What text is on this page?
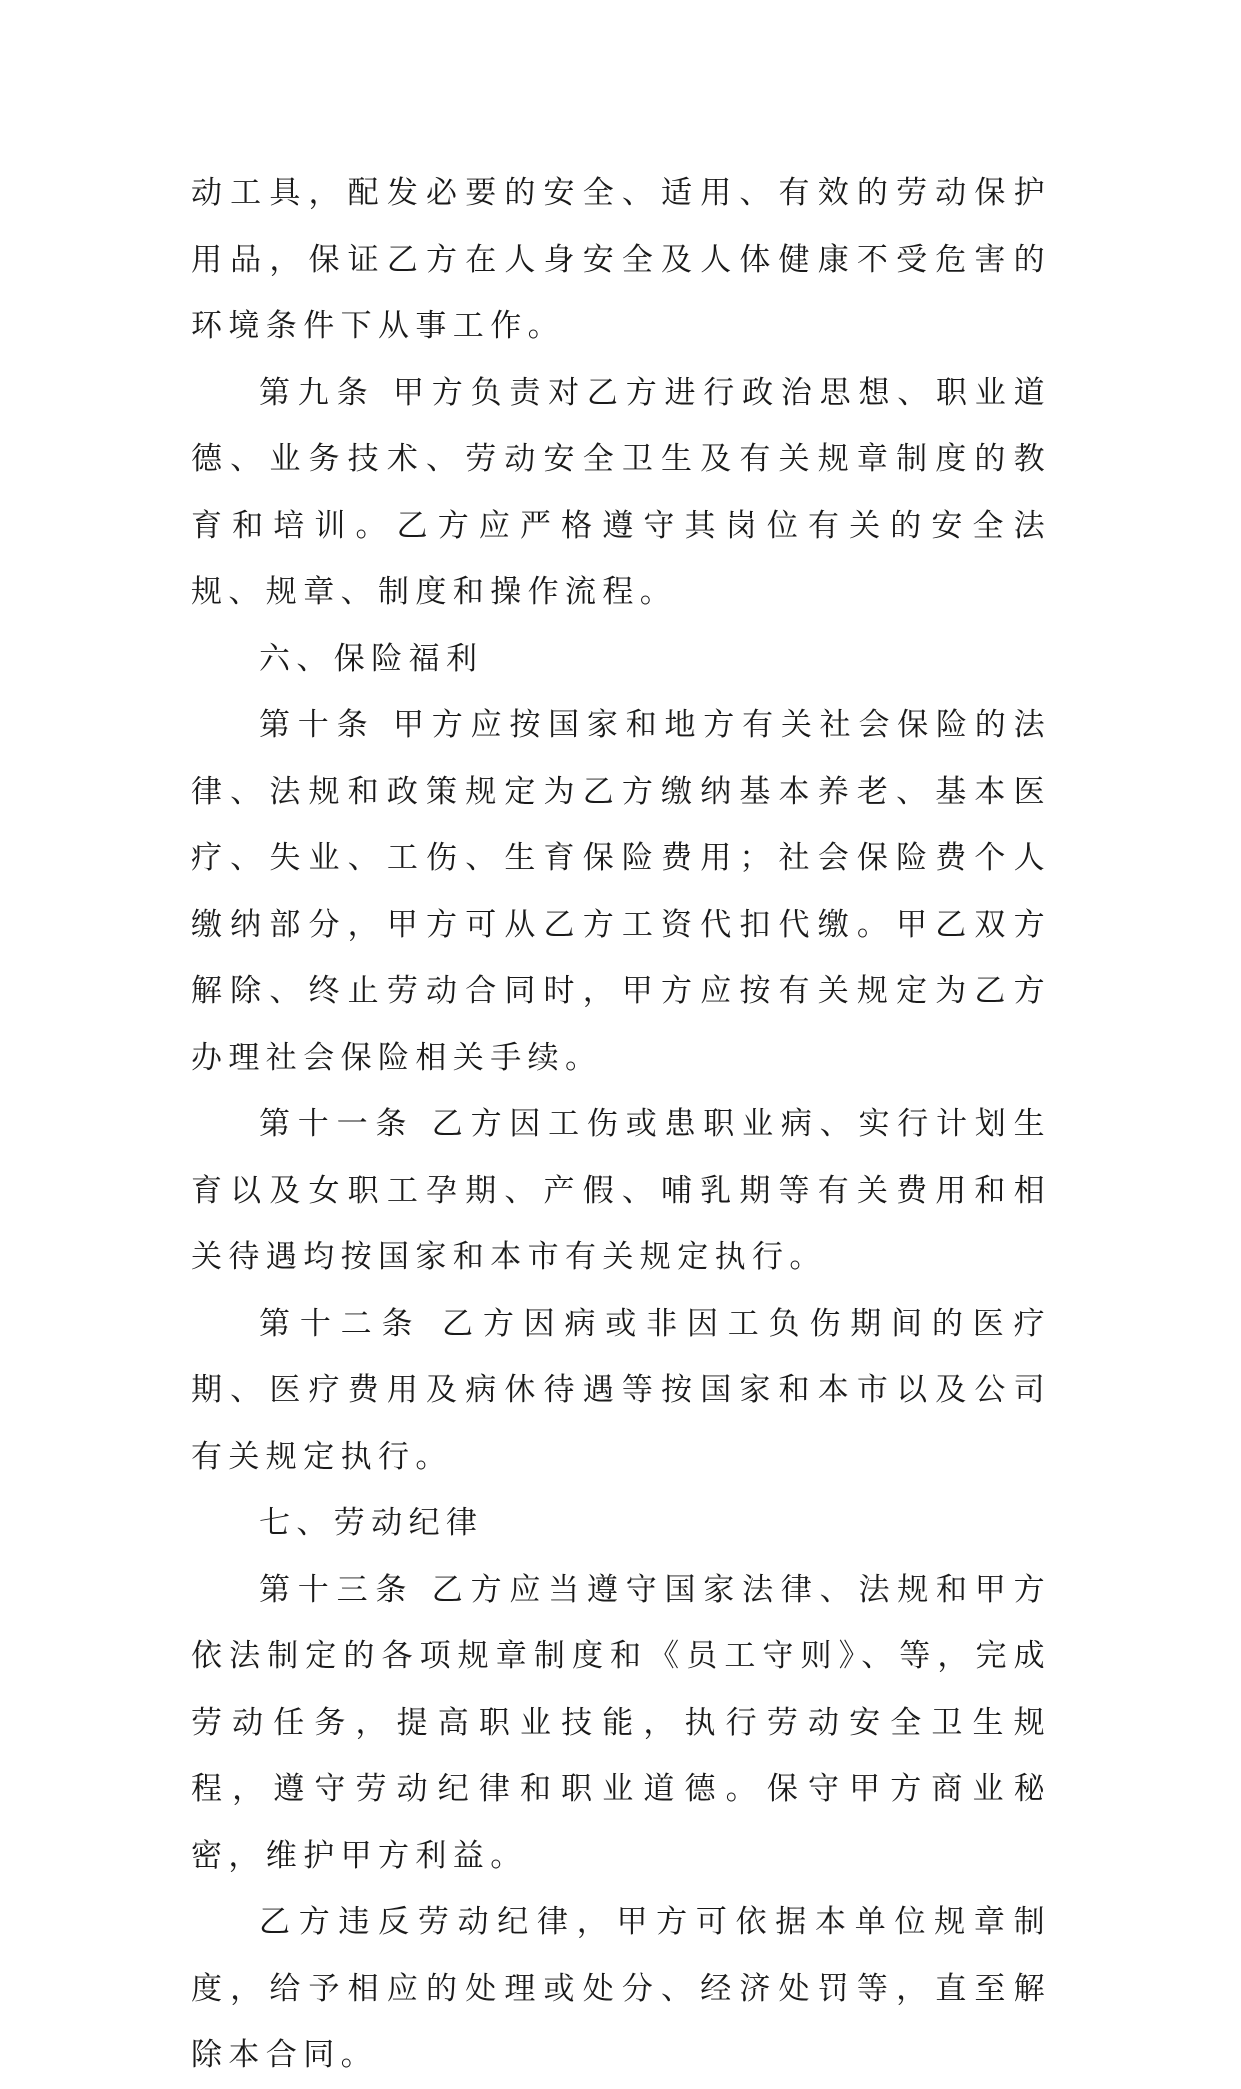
动工具，配发必要的安全、适用、有效的劳动保护用品，保证乙方在人身安全及人体健康不受危害的环境条件下从事工作。

第九条 甲方负责对乙方进行政治思想、职业道德、业务技术、劳动安全卫生及有关规章制度的教育和培训。乙方应严格遵守其岗位有关的安全法规、规章、制度和操作流程。

六、保险福利

第十条 甲方应按国家和地方有关社会保险的法律、法规和政策规定为乙方缴纳基本养老、基本医疗、失业、工伤、生育保险费用；社会保险费个人缴纳部分，甲方可从乙方工资代扣代缴。甲乙双方解除、终止劳动合同时，甲方应按有关规定为乙方办理社会保险相关手续。

第十一条 乙方因工伤或患职业病、实行计划生育以及女职工孕期、产假、哺乳期等有关费用和相关待遇均按国家和本市有关规定执行。

第十二条 乙方因病或非因工负伤期间的医疗期、医疗费用及病休待遇等按国家和本市以及公司有关规定执行。

七、劳动纪律

第十三条 乙方应当遵守国家法律、法规和甲方依法制定的各项规章制度和《员工守则》、等，完成劳动任务，提高职业技能，执行劳动安全卫生规程，遵守劳动纪律和职业道德。保守甲方商业秘密，维护甲方利益。

乙方违反劳动纪律，甲方可依据本单位规章制度，给予相应的处理或处分、经济处罚等，直至解除本合同。
